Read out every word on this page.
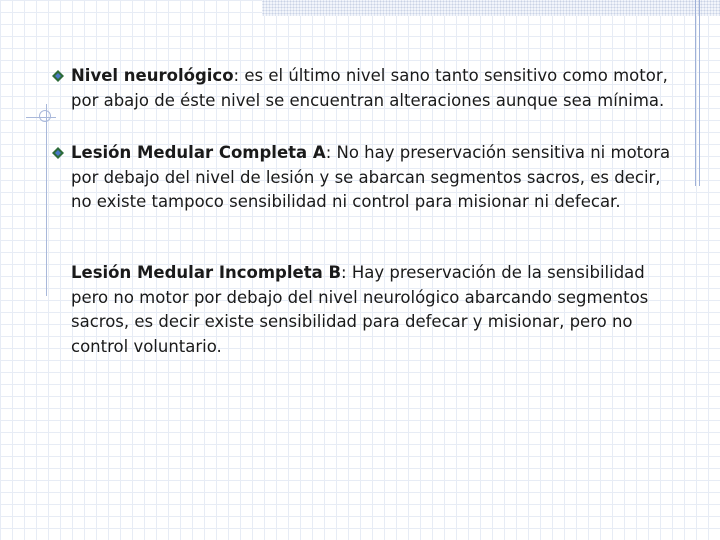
Nivel neurológico: es el último nivel sano tanto sensitivo como motor, por abajo de éste nivel se encuentran alteraciones aunque sea mínima.
Lesión Medular Completa A: No hay preservación sensitiva ni motora por debajo del nivel de lesión y se abarcan segmentos sacros, es decir, no existe tampoco sensibilidad ni control para misionar ni defecar.
Lesión Medular Incompleta B: Hay preservación de la sensibilidad pero no motor por debajo del nivel neurológico abarcando segmentos sacros, es decir existe sensibilidad para defecar y misionar, pero no control voluntario.
